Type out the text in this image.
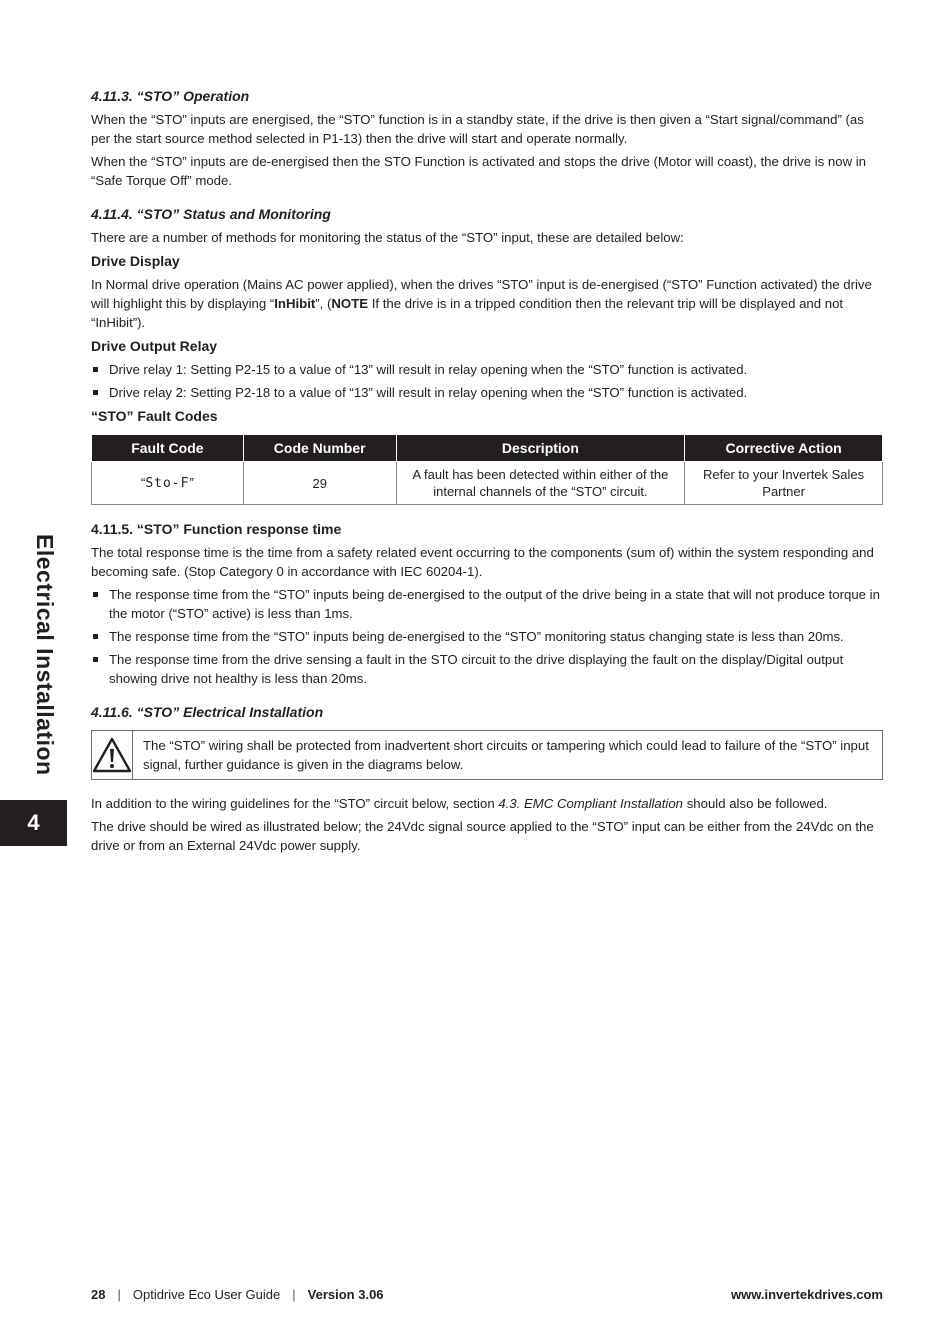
4.11.3. “STO” Operation

When the “STO” inputs are energised, the “STO” function is in a standby state, if the drive is then given a “Start signal/command” (as per the start source method selected in P1-13) then the drive will start and operate normally.

When the “STO” inputs are de-energised then the STO Function is activated and stops the drive (Motor will coast), the drive is now in “Safe Torque Off” mode.

4.11.4. “STO” Status and Monitoring

There are a number of methods for monitoring the status of the “STO” input, these are detailed below:

Drive Display

In Normal drive operation (Mains AC power applied), when the drives “STO” input is de-energised (“STO” Function activated) the drive will highlight this by displaying “InHibit”, (NOTE If the drive is in a tripped condition then the relevant trip will be displayed and not “InHibit”).

Drive Output Relay
Drive relay 1: Setting P2-15 to a value of “13” will result in relay opening when the “STO” function is activated.
Drive relay 2: Setting P2-18 to a value of “13” will result in relay opening when the “STO” function is activated.
“STO” Fault Codes
Fault Code	Code Number	Description	Corrective Action
“Sto-F”	29	A fault has been detected within either of the internal channels of the “STO” circuit.	Refer to your Invertek Sales Partner
4.11.5. “STO” Function response time

The total response time is the time from a safety related event occurring to the components (sum of) within the system responding and becoming safe. (Stop Category 0 in accordance with IEC 60204-1).

The response time from the “STO” inputs being de-energised to the output of the drive being in a state that will not produce torque in the motor (“STO” active) is less than 1ms.
The response time from the “STO” inputs being de-energised to the “STO” monitoring status changing state is less than 20ms.
The response time from the drive sensing a fault in the STO circuit to the drive displaying the fault on the display/Digital output showing drive not healthy is less than 20ms.
4.11.6. “STO” Electrical Installation
The “STO” wiring shall be protected from inadvertent short circuits or tampering which could lead to failure of the “STO” input signal, further guidance is given in the diagrams below.

In addition to the wiring guidelines for the “STO” circuit below, section 4.3. EMC Compliant Installation should also be followed.

The drive should be wired as illustrated below; the 24Vdc signal source applied to the “STO” input can be either from the 24Vdc on the drive or from an External 24Vdc power supply.

Electrical Installation
4
28 | Optidrive Eco User Guide | Version 3.06	www.invertekdrives.com
